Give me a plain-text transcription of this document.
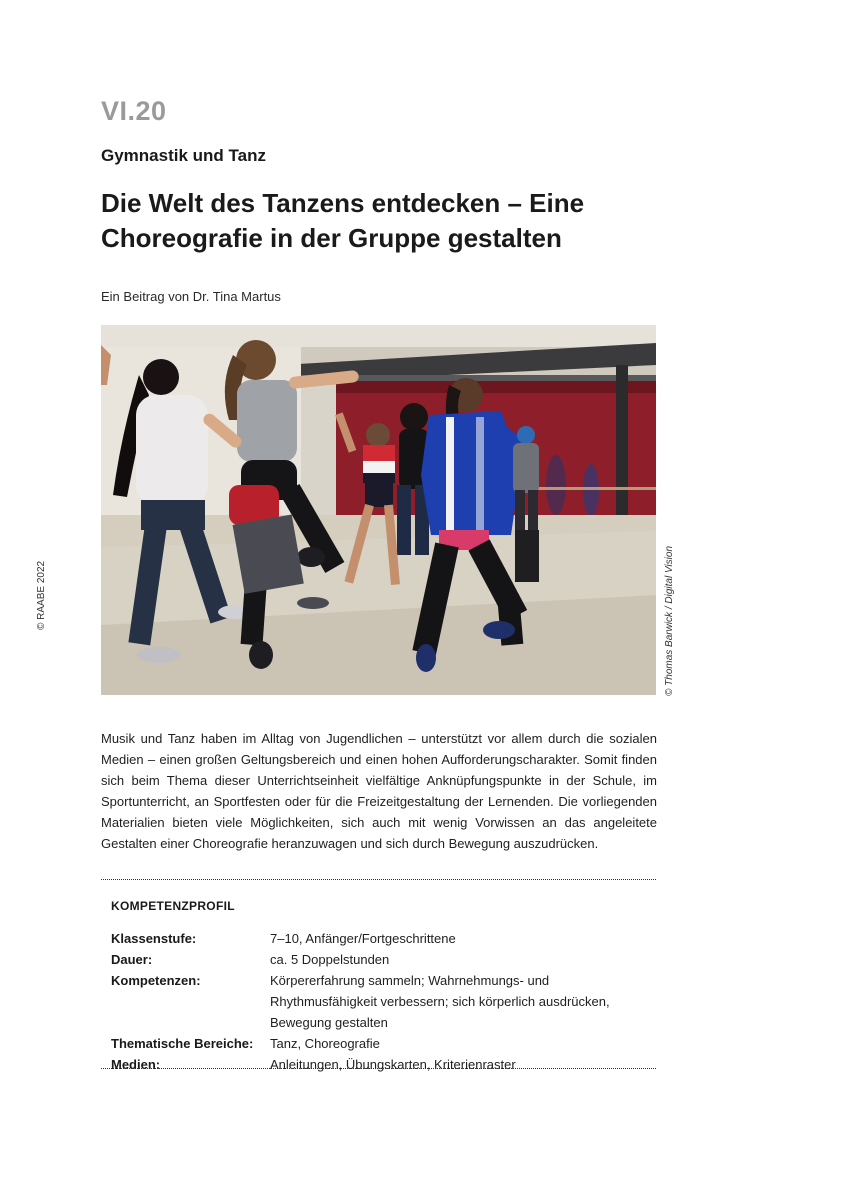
VI.20
Gymnastik und Tanz
Die Welt des Tanzens entdecken – Eine Choreografie in der Gruppe gestalten
Ein Beitrag von Dr. Tina Martus
© RAABE 2022	© Thomas Barwick / Digital Vision
Musik und Tanz haben im Alltag von Jugendlichen – unterstützt vor allem durch die sozialen Medien – einen großen Geltungsbereich und einen hohen Aufforderungscharakter. Somit finden sich beim Thema dieser Unterrichtseinheit vielfältige Anknüpfungspunkte in der Schule, im Sportunterricht, an Sportfesten oder für die Freizeitgestaltung der Lernenden. Die vorliegenden Materialien bieten viele Möglichkeiten, sich auch mit wenig Vorwissen an das angeleitete Gestalten einer Choreografie heranzuwagen und sich durch Bewegung auszudrücken.
KOMPETENZPROFIL
Klassenstufe:	7–10, Anfänger/Fortgeschrittene
Dauer:	ca. 5 Doppelstunden
Kompetenzen:	Körpererfahrung sammeln; Wahrnehmungs- und Rhythmusfähigkeit verbessern; sich körperlich ausdrücken, Bewegung gestalten
Thematische Bereiche:	Tanz, Choreografie
Medien:	Anleitungen, Übungskarten, Kriterienraster
